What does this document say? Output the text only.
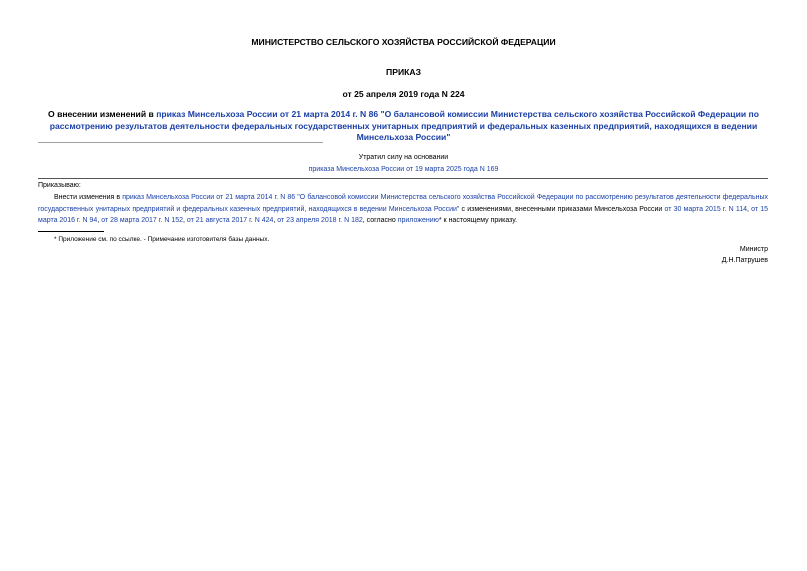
МИНИСТЕРСТВО СЕЛЬСКОГО ХОЗЯЙСТВА РОССИЙСКОЙ ФЕДЕРАЦИИ
ПРИКАЗ
от 25 апреля 2019 года N 224
О внесении изменений в приказ Минсельхоза России от 21 марта 2014 г. N 86 "О балансовой комиссии Министерства сельского хозяйства Российской Федерации по рассмотрению результатов деятельности федеральных государственных унитарных предприятий и федеральных казенных предприятий, находящихся в ведении Минсельхоза России"
Утратил силу на основании
приказа Минсельхоза России от 19 марта 2025 года N 169
Приказываю:
Внести изменения в приказ Минсельхоза России от 21 марта 2014 г. N 86 "О балансовой комиссии Министерства сельского хозяйства Российской Федерации по рассмотрению результатов деятельности федеральных государственных унитарных предприятий и федеральных казенных предприятий, находящихся в ведении Минсельхоза России" с изменениями, внесенными приказами Минсельхоза России от 30 марта 2015 г. N 114, от 15 марта 2016 г. N 94, от 28 марта 2017 г. N 152, от 21 августа 2017 г. N 424, от 23 апреля 2018 г. N 182, согласно приложению* к настоящему приказу.
* Приложение см. по ссылке. - Примечание изготовителя базы данных.
Министр
Д.Н.Патрушев
